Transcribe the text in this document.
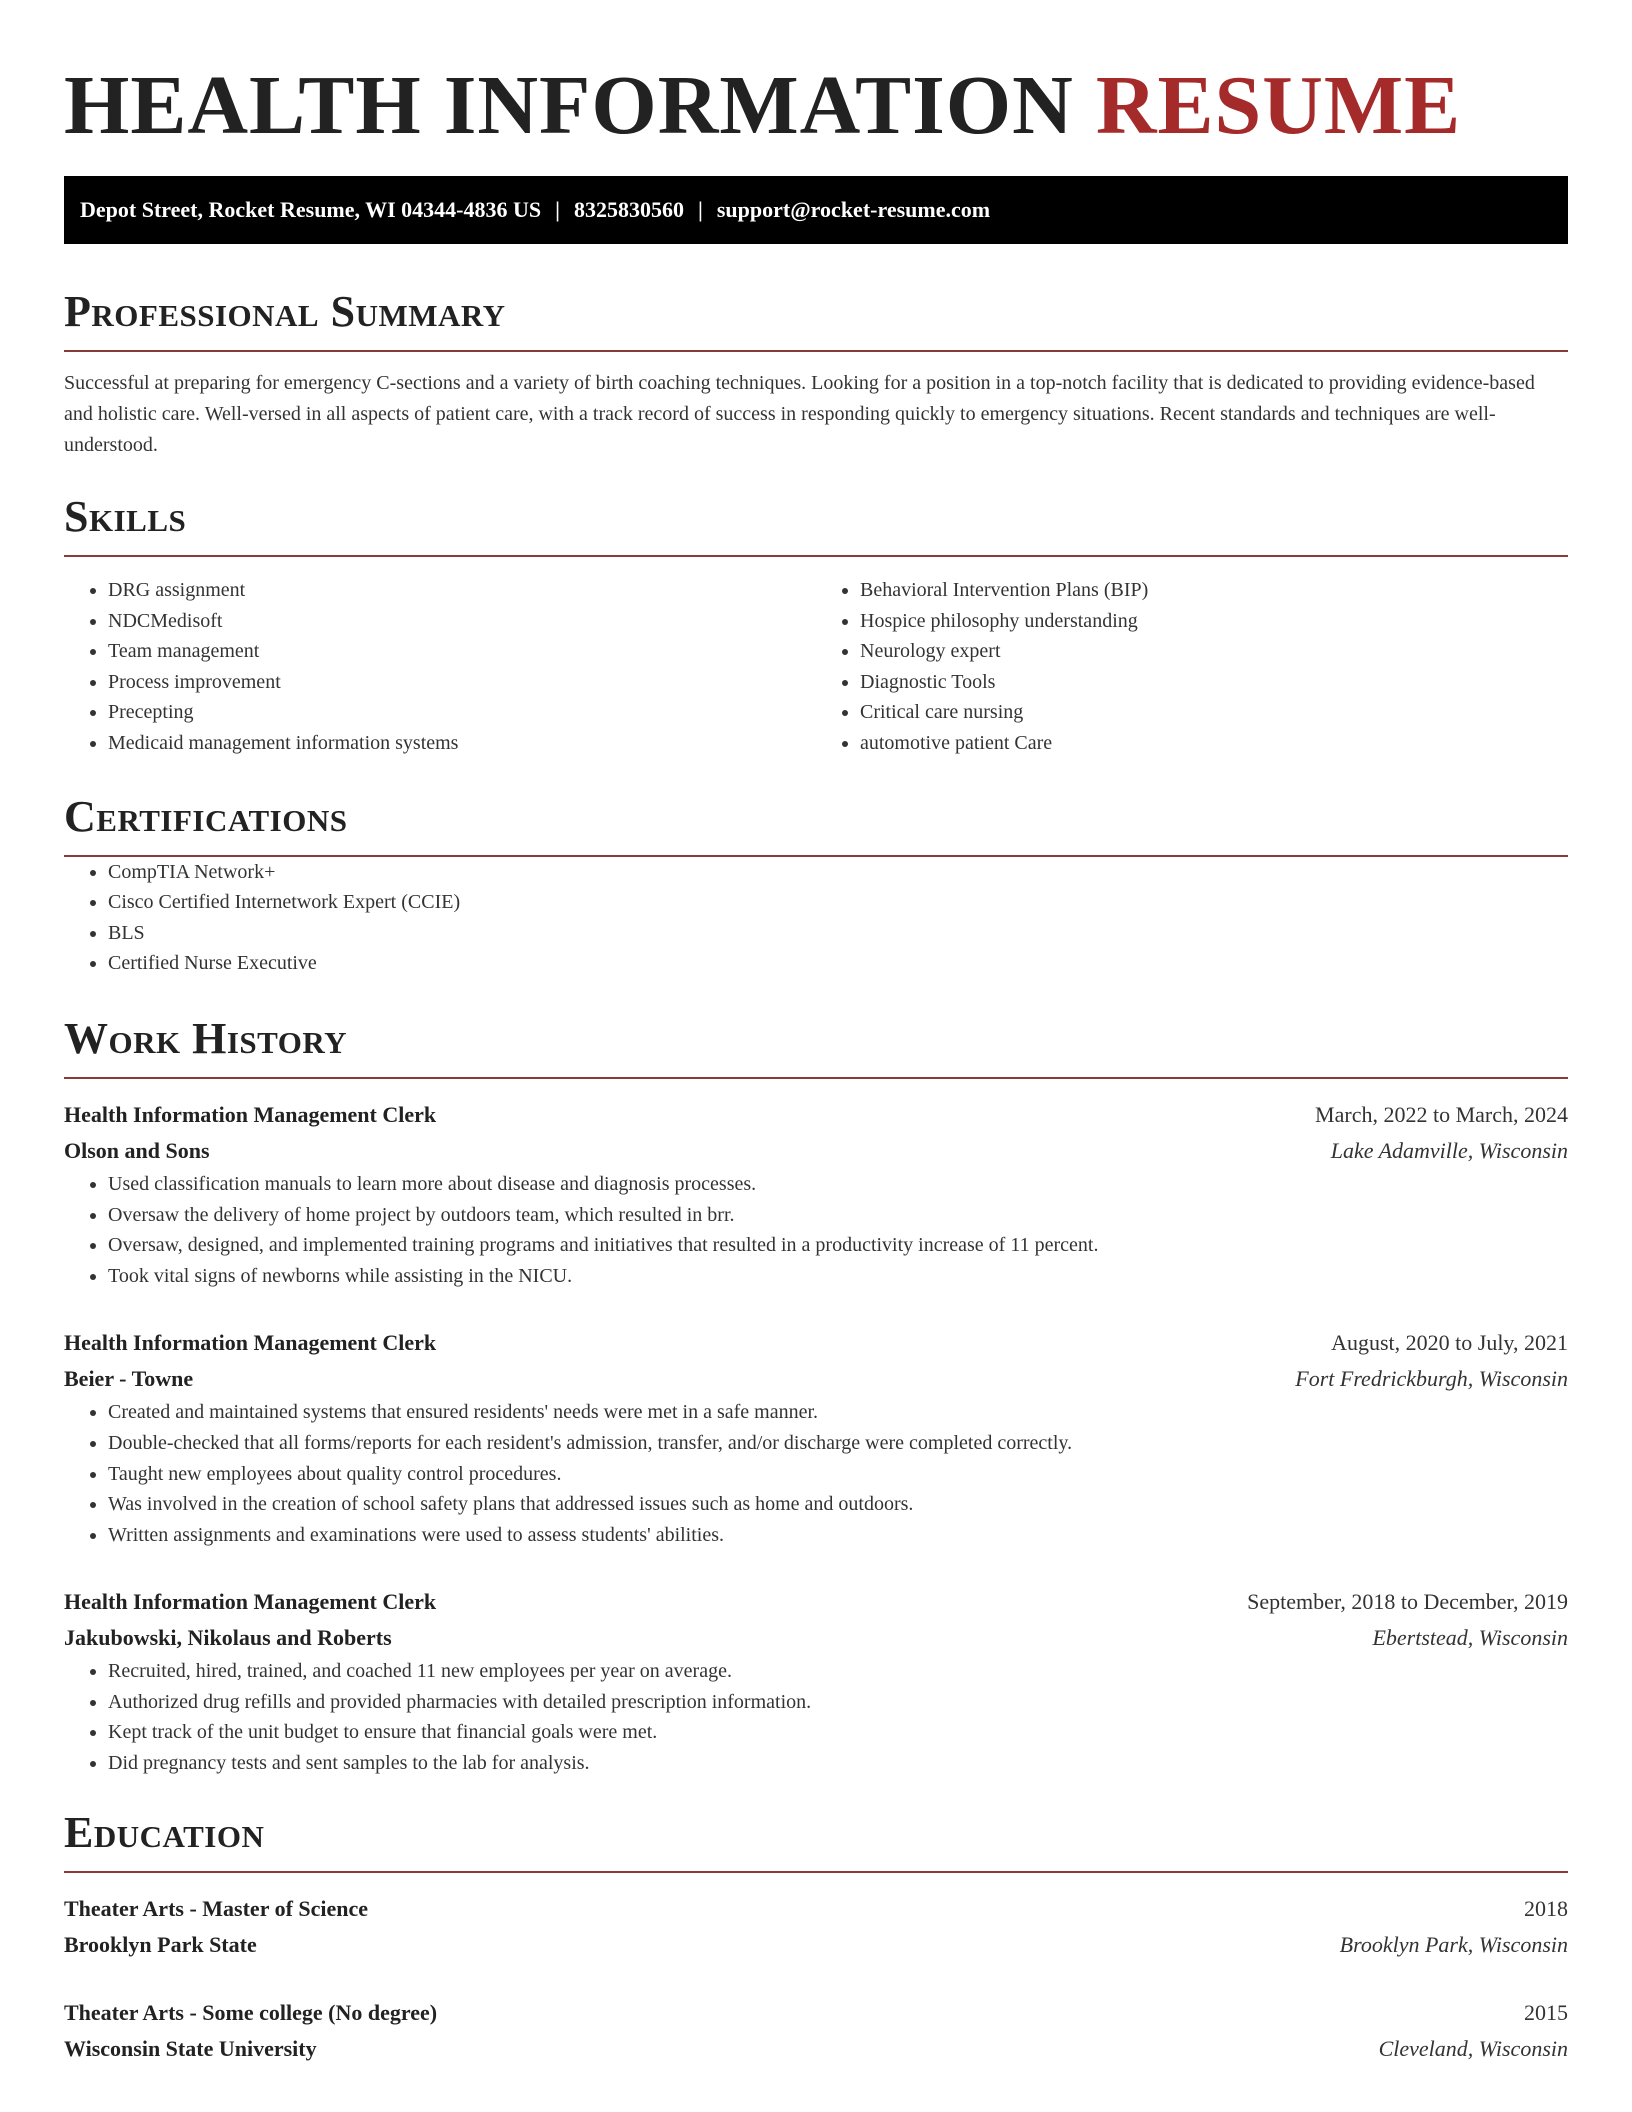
HEALTH INFORMATION RESUME
Depot Street, Rocket Resume, WI 04344-4836 US | 8325830560 | support@rocket-resume.com
Professional Summary

Successful at preparing for emergency C-sections and a variety of birth coaching techniques. Looking for a position in a top-notch facility that is dedicated to providing evidence-based and holistic care. Well-versed in all aspects of patient care, with a track record of success in responding quickly to emergency situations. Recent standards and techniques are well-understood.

Skills
• DRG assignment
• NDCMedisoft
• Team management
• Process improvement
• Precepting
• Medicaid management information systems
• Behavioral Intervention Plans (BIP)
• Hospice philosophy understanding
• Neurology expert
• Diagnostic Tools
• Critical care nursing
• automotive patient Care
Certifications
• CompTIA Network+
• Cisco Certified Internetwork Expert (CCIE)
• BLS
• Certified Nurse Executive
Work History
Health Information Management Clerk	March, 2022 to March, 2024
Olson and Sons	Lake Adamville, Wisconsin
• Used classification manuals to learn more about disease and diagnosis processes.
• Oversaw the delivery of home project by outdoors team, which resulted in brr.
• Oversaw, designed, and implemented training programs and initiatives that resulted in a productivity increase of 11 percent.
• Took vital signs of newborns while assisting in the NICU.
Health Information Management Clerk	August, 2020 to July, 2021
Beier - Towne	Fort Fredrickburgh, Wisconsin
• Created and maintained systems that ensured residents' needs were met in a safe manner.
• Double-checked that all forms/reports for each resident's admission, transfer, and/or discharge were completed correctly.
• Taught new employees about quality control procedures.
• Was involved in the creation of school safety plans that addressed issues such as home and outdoors.
• Written assignments and examinations were used to assess students' abilities.
Health Information Management Clerk	September, 2018 to December, 2019
Jakubowski, Nikolaus and Roberts	Ebertstead, Wisconsin
• Recruited, hired, trained, and coached 11 new employees per year on average.
• Authorized drug refills and provided pharmacies with detailed prescription information.
• Kept track of the unit budget to ensure that financial goals were met.
• Did pregnancy tests and sent samples to the lab for analysis.
Education
Theater Arts - Master of Science	2018
Brooklyn Park State	Brooklyn Park, Wisconsin
Theater Arts - Some college (No degree)	2015
Wisconsin State University	Cleveland, Wisconsin
